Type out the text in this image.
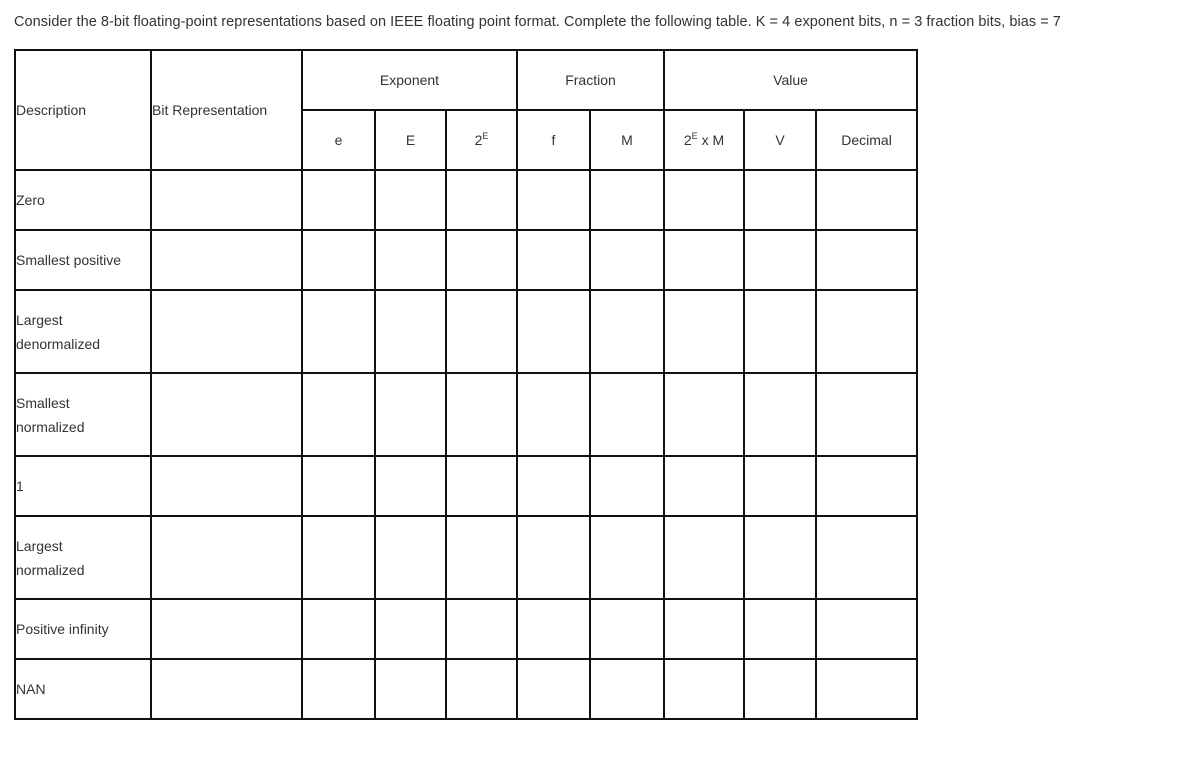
Consider the 8-bit floating-point representations based on IEEE floating point format. Complete the following table. K = 4 exponent bits, n = 3 fraction bits, bias = 7
Description	Bit Representation	Exponent			Fraction		Value		
		e	E	$2^E$	f	M	$2^E$ x M	V	Decimal

Zero									

Smallest positive									

Largest
denormalized									

Smallest
normalized									

1									

Largest
normalized									

Positive infinity									

NAN									
